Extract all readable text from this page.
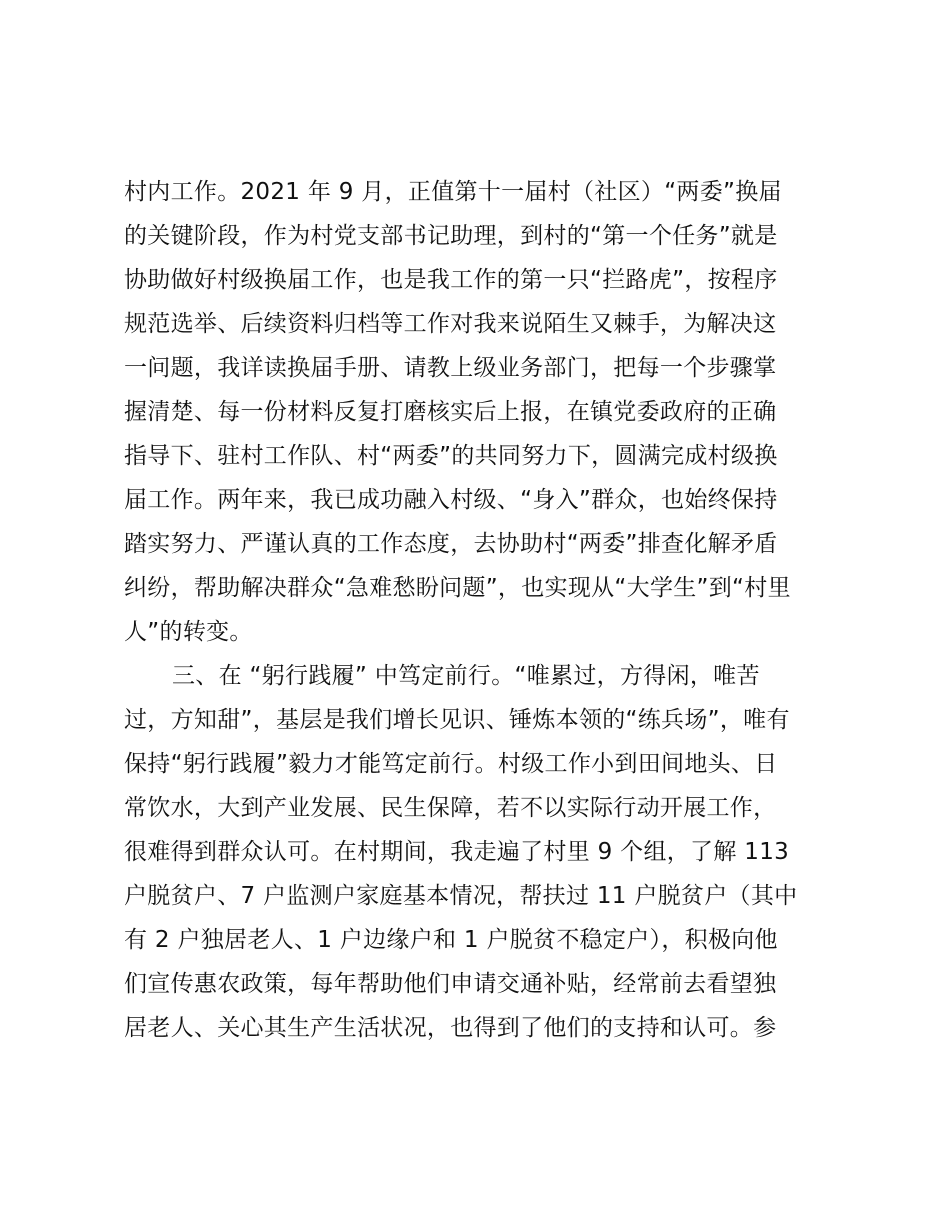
村内工作。2021 年 9 月，正值第十一届村（社区）“两委”换届
的关键阶段，作为村党支部书记助理，到村的“第一个任务”就是
协助做好村级换届工作，也是我工作的第一只“拦路虎”，按程序
规范选举、后续资料归档等工作对我来说陌生又棘手，为解决这
一问题，我详读换届手册、请教上级业务部门，把每一个步骤掌
握清楚、每一份材料反复打磨核实后上报，在镇党委政府的正确
指导下、驻村工作队、村“两委”的共同努力下，圆满完成村级换
届工作。两年来，我已成功融入村级、“身入”群众，也始终保持
踏实努力、严谨认真的工作态度，去协助村“两委”排查化解矛盾
纠纷，帮助解决群众“急难愁盼问题”，也实现从“大学生”到“村里
人”的转变。
三、在 “躬行践履” 中笃定前行。“唯累过，方得闲，唯苦
过，方知甜”，基层是我们增长见识、锤炼本领的“练兵场”，唯有
保持“躬行践履”毅力才能笃定前行。村级工作小到田间地头、日
常饮水，大到产业发展、民生保障，若不以实际行动开展工作，
很难得到群众认可。在村期间，我走遍了村里 9 个组，了解 113
户脱贫户、7 户监测户家庭基本情况，帮扶过 11 户脱贫户（其中
有 2 户独居老人、1 户边缘户和 1 户脱贫不稳定户），积极向他
们宣传惠农政策，每年帮助他们申请交通补贴，经常前去看望独
居老人、关心其生产生活状况，也得到了他们的支持和认可。参
